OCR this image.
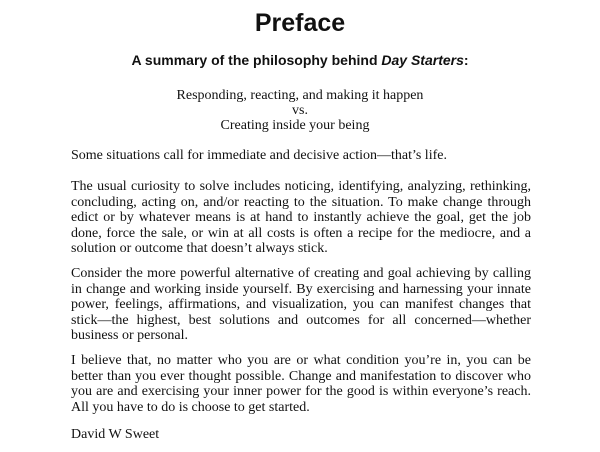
Preface

A summary of the philosophy behind Day Starters:

Responding, reacting, and making it happen
vs.
Creating inside your being

Some situations call for immediate and decisive action—that’s life.

The usual curiosity to solve includes noticing, identifying, analyzing, rethinking, concluding, acting on, and/or reacting to the situation. To make change through edict or by whatever means is at hand to instantly achieve the goal, get the job done, force the sale, or win at all costs is often a recipe for the mediocre, and a solution or outcome that doesn’t always stick.

Consider the more powerful alternative of creating and goal achieving by calling in change and working inside yourself. By exercising and harnessing your innate power, feelings, affirmations, and visualization, you can manifest changes that stick—the highest, best solutions and outcomes for all concerned—whether business or personal.

I believe that, no matter who you are or what condition you’re in, you can be better than you ever thought possible. Change and manifestation to discover who you are and exercising your inner power for the good is within everyone’s reach. All you have to do is choose to get started.

David W Sweet
